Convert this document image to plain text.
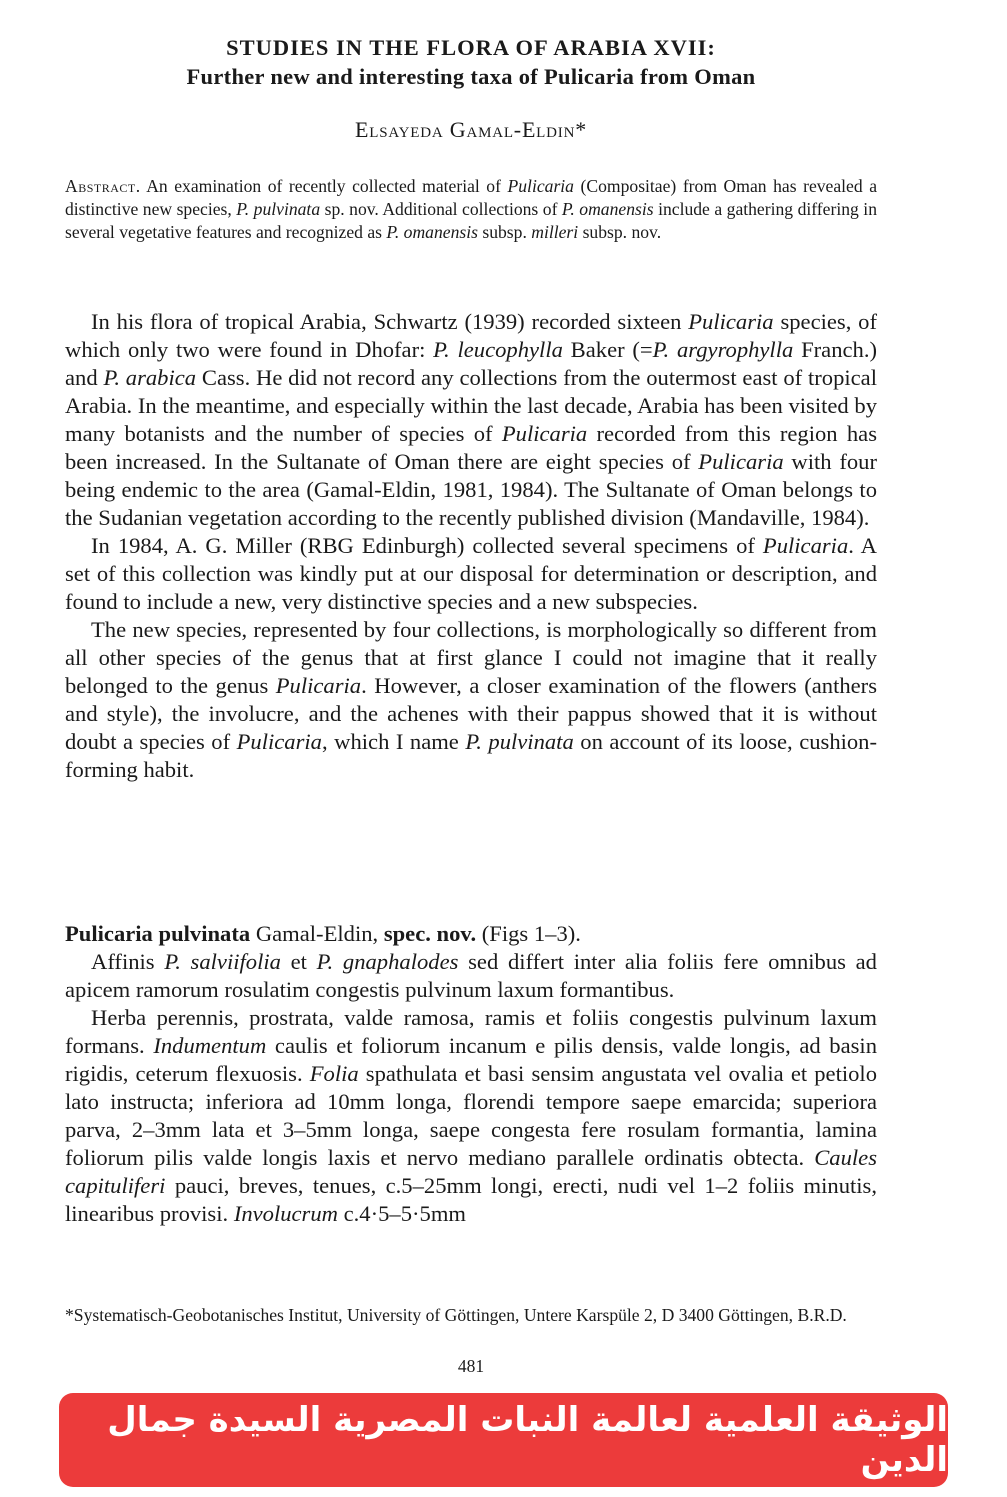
STUDIES IN THE FLORA OF ARABIA XVII:
Further new and interesting taxa of Pulicaria from Oman
Elsayeda Gamal-Eldin*
Abstract. An examination of recently collected material of Pulicaria (Compositae) from Oman has revealed a distinctive new species, P. pulvinata sp. nov. Additional collections of P. omanensis include a gathering differing in several vegetative features and recognized as P. omanensis subsp. milleri subsp. nov.

In his flora of tropical Arabia, Schwartz (1939) recorded sixteen Pulicaria species, of which only two were found in Dhofar: P. leucophylla Baker (=P. argyrophylla Franch.) and P. arabica Cass. He did not record any collections from the outermost east of tropical Arabia. In the meantime, and especially within the last decade, Arabia has been visited by many botanists and the number of species of Pulicaria recorded from this region has been increased. In the Sultanate of Oman there are eight species of Pulicaria with four being endemic to the area (Gamal-Eldin, 1981, 1984). The Sultanate of Oman belongs to the Sudanian vegetation according to the recently published division (Mandaville, 1984).

In 1984, A. G. Miller (RBG Edinburgh) collected several specimens of Pulicaria. A set of this collection was kindly put at our disposal for determination or description, and found to include a new, very distinctive species and a new subspecies.

The new species, represented by four collections, is morphologically so different from all other species of the genus that at first glance I could not imagine that it really belonged to the genus Pulicaria. However, a closer examination of the flowers (anthers and style), the involucre, and the achenes with their pappus showed that it is without doubt a species of Pulicaria, which I name P. pulvinata on account of its loose, cushion-forming habit.

Pulicaria pulvinata Gamal-Eldin, spec. nov. (Figs 1–3).

Affinis P. salviifolia et P. gnaphalodes sed differt inter alia foliis fere omnibus ad apicem ramorum rosulatim congestis pulvinum laxum formantibus.

Herba perennis, prostrata, valde ramosa, ramis et foliis congestis pulvinum laxum formans. Indumentum caulis et foliorum incanum e pilis densis, valde longis, ad basin rigidis, ceterum flexuosis. Folia spathulata et basi sensim angustata vel ovalia et petiolo lato instructa; inferiora ad 10mm longa, florendi tempore saepe emarcida; superiora parva, 2–3mm lata et 3–5mm longa, saepe congesta fere rosulam formantia, lamina foliorum pilis valde longis laxis et nervo mediano parallele ordinatis obtecta. Caules capituliferi pauci, breves, tenues, c.5–25mm longi, erecti, nudi vel 1–2 foliis minutis, linearibus provisi. Involucrum c.4·5–5·5mm

*Systematisch-Geobotanisches Institut, University of Göttingen, Untere Karspüle 2, D 3400 Göttingen, B.R.D.
481
الوثيقة العلمية لعالمة النبات المصرية السيدة جمال الدين
